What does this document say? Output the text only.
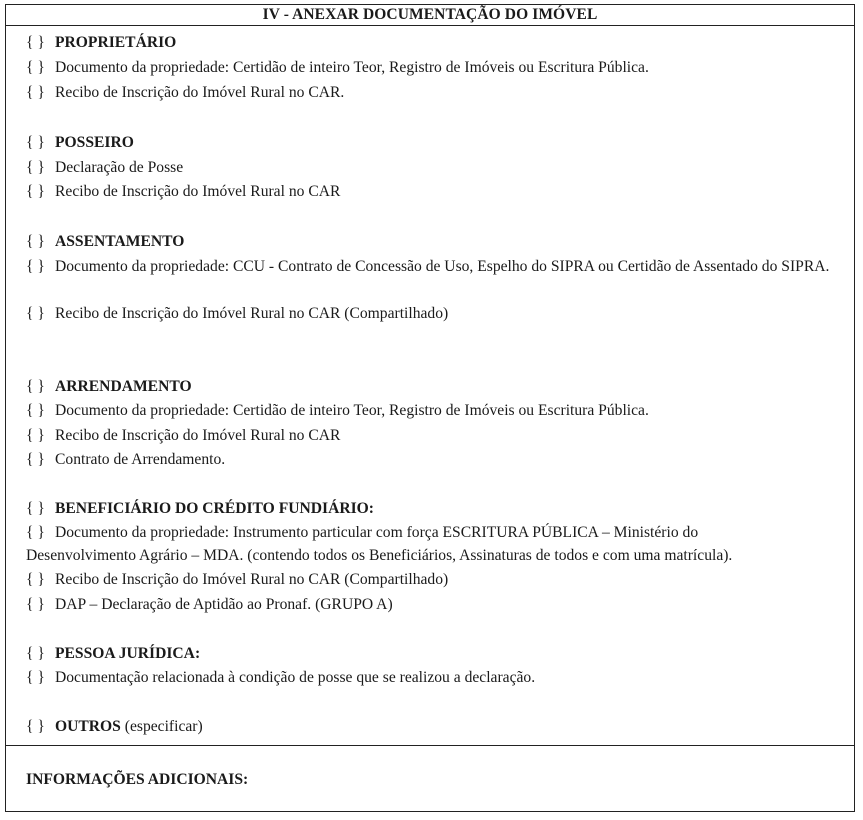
IV - ANEXAR DOCUMENTAÇÃO DO IMÓVEL
{ } PROPRIETÁRIO
{ } Documento da propriedade: Certidão de inteiro Teor, Registro de Imóveis ou Escritura Pública.
{ } Recibo de Inscrição do Imóvel Rural no CAR.
{ } POSSEIRO
{ } Declaração de Posse
{ } Recibo de Inscrição do Imóvel Rural no CAR
{ } ASSENTAMENTO
{ } Documento da propriedade: CCU - Contrato de Concessão de Uso, Espelho do SIPRA ou Certidão de Assentado do SIPRA.
{ } Recibo de Inscrição do Imóvel Rural no CAR (Compartilhado)
{ } ARRENDAMENTO
{ } Documento da propriedade: Certidão de inteiro Teor, Registro de Imóveis ou Escritura Pública.
{ } Recibo de Inscrição do Imóvel Rural no CAR
{ } Contrato de Arrendamento.
{ } BENEFICIÁRIO DO CRÉDITO FUNDIÁRIO:
{ } Documento da propriedade: Instrumento particular com força ESCRITURA PÚBLICA – Ministério do Desenvolvimento Agrário – MDA. (contendo todos os Beneficiários, Assinaturas de todos e com uma matrícula).
{ } Recibo de Inscrição do Imóvel Rural no CAR (Compartilhado)
{ } DAP – Declaração de Aptidão ao Pronaf. (GRUPO A)
{ } PESSOA JURÍDICA:
{ } Documentação relacionada à condição de posse que se realizou a declaração.
{ } OUTROS (especificar)
INFORMAÇÕES ADICIONAIS:
